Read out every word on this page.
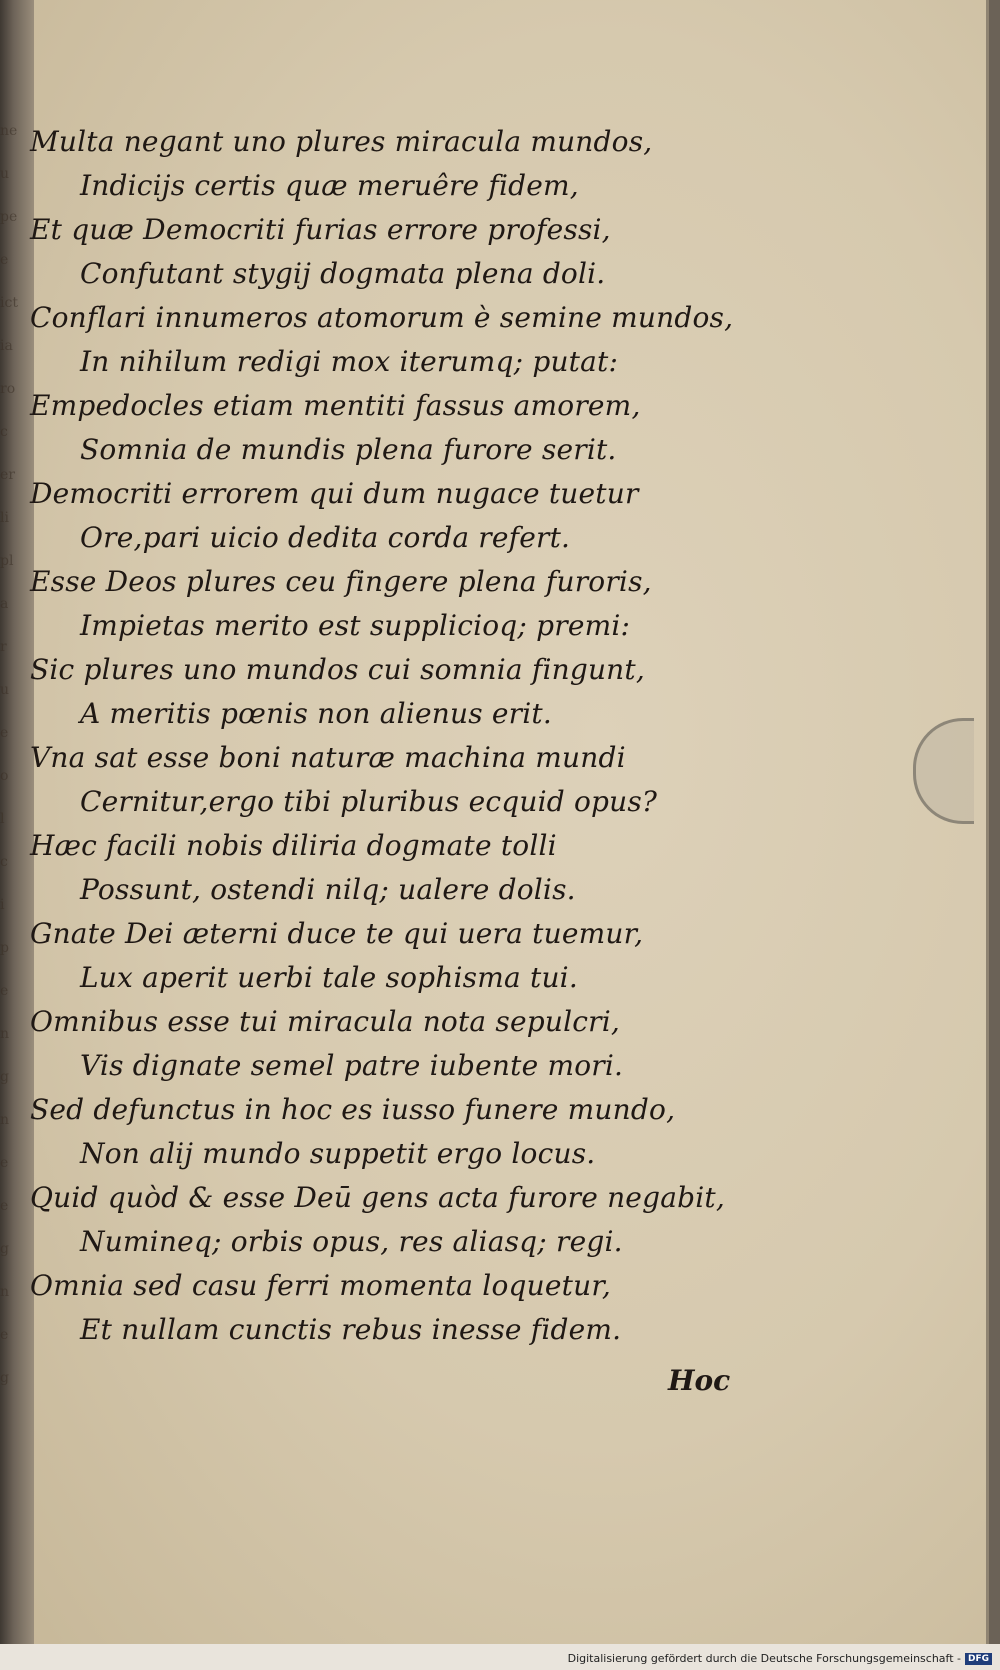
ne
u
pe
e
ict
ia
ro
c
er
li
pl
a
r
u
e
o
l
c
i
p
e
n
g
n
e
e
g
n
e
g
Multa negant uno plures miracula mundos,
Indicijs certis quæ meruêre fidem,
Et quæ Democriti furias errore professi,
Confutant stygij dogmata plena doli.
Conflari innumeros atomorum è semine mundos,
In nihilum redigi mox iterumq; putat:
Empedocles etiam mentiti fassus amorem,
Somnia de mundis plena furore serit.
Democriti errorem qui dum nugace tuetur
Ore,pari uicio dedita corda refert.
Esse Deos plures ceu fingere plena furoris,
Impietas merito est supplicioq; premi:
Sic plures uno mundos cui somnia fingunt,
A meritis pœnis non alienus erit.
Vna sat esse boni naturæ machina mundi
Cernitur,ergo tibi pluribus ecquid opus?
Hæc facili nobis diliria dogmate tolli
Possunt, ostendi nilq; ualere dolis.
Gnate Dei æterni duce te qui uera tuemur,
Lux aperit uerbi tale sophisma tui.
Omnibus esse tui miracula nota sepulcri,
Vis dignate semel patre iubente mori.
Sed defunctus in hoc es iusso funere mundo,
Non alij mundo suppetit ergo locus.
Quid quòd & esse Deū gens acta furore negabit,
Numineq; orbis opus, res aliasq; regi.
Omnia sed casu ferri momenta loquetur,
Et nullam cunctis rebus inesse fidem.
Hoc
Digitalisierung gefördert durch die Deutsche Forschungsgemeinschaft - DFG
